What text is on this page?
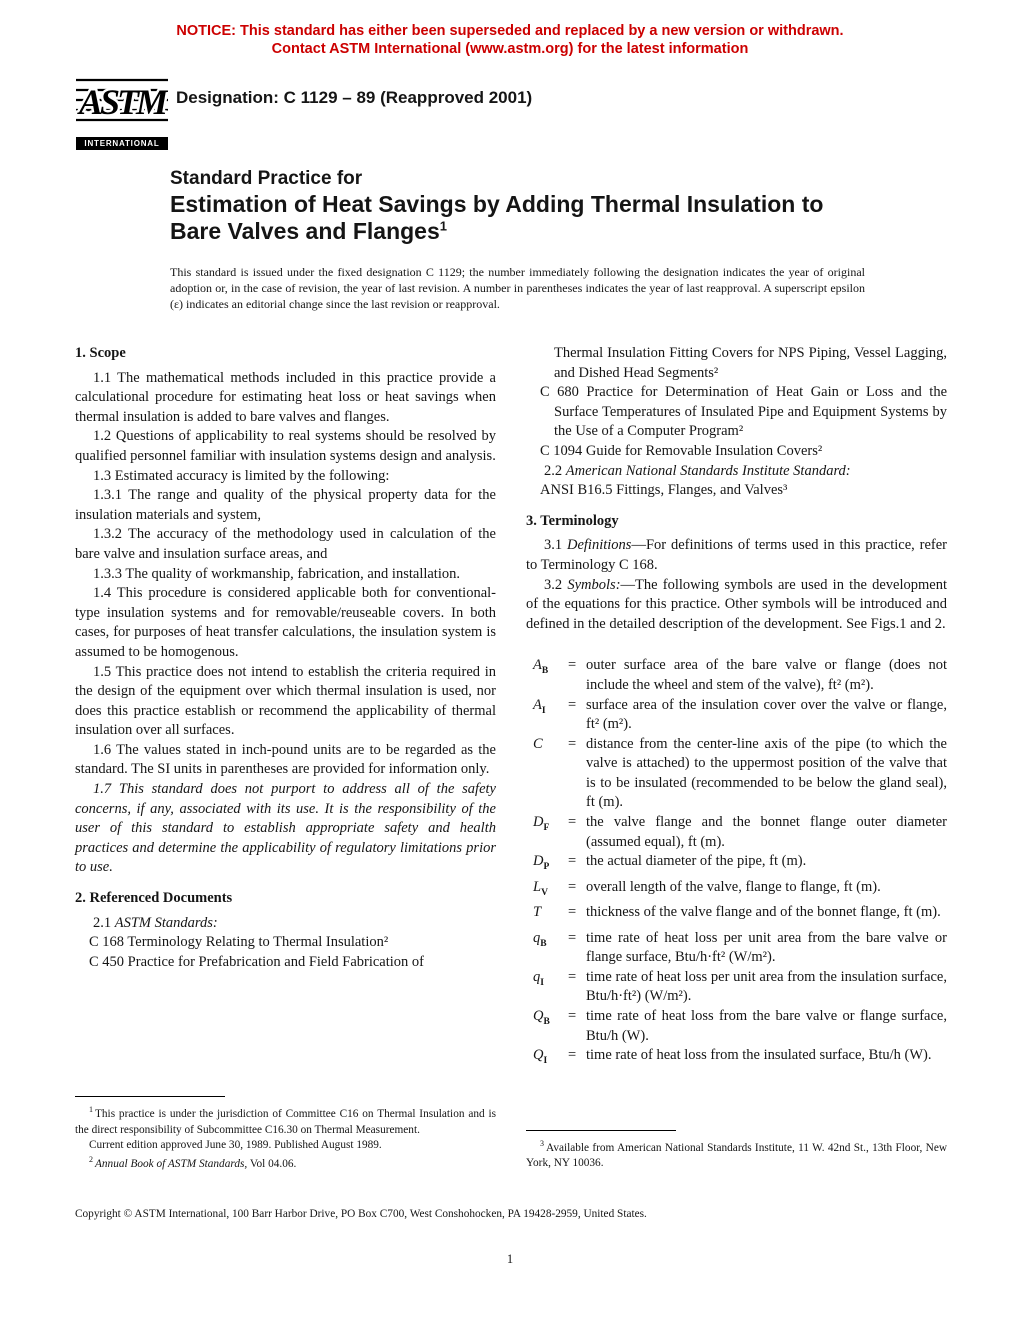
NOTICE: This standard has either been superseded and replaced by a new version or withdrawn.
Contact ASTM International (www.astm.org) for the latest information
ASTM
INTERNATIONAL
Designation: C 1129 – 89 (Reapproved 2001)
Standard Practice for
Estimation of Heat Savings by Adding Thermal Insulation to Bare Valves and Flanges$^1$
This standard is issued under the fixed designation C 1129; the number immediately following the designation indicates the year of original adoption or, in the case of revision, the year of last revision. A number in parentheses indicates the year of last reapproval. A superscript epsilon (ε) indicates an editorial change since the last revision or reapproval.

1. Scope

1.1 The mathematical methods included in this practice provide a calculational procedure for estimating heat loss or heat savings when thermal insulation is added to bare valves and flanges.

1.2 Questions of applicability to real systems should be resolved by qualified personnel familiar with insulation systems design and analysis.

1.3 Estimated accuracy is limited by the following:

1.3.1 The range and quality of the physical property data for the insulation materials and system,

1.3.2 The accuracy of the methodology used in calculation of the bare valve and insulation surface areas, and

1.3.3 The quality of workmanship, fabrication, and installation.

1.4 This procedure is considered applicable both for conventional-type insulation systems and for removable/reuseable covers. In both cases, for purposes of heat transfer calculations, the insulation system is assumed to be homogenous.

1.5 This practice does not intend to establish the criteria required in the design of the equipment over which thermal insulation is used, nor does this practice establish or recommend the applicability of thermal insulation over all surfaces.

1.6 The values stated in inch-pound units are to be regarded as the standard. The SI units in parentheses are provided for information only.

1.7 This standard does not purport to address all of the safety concerns, if any, associated with its use. It is the responsibility of the user of this standard to establish appropriate safety and health practices and determine the applicability of regulatory limitations prior to use.

2. Referenced Documents

2.1 ASTM Standards:

C 168 Terminology Relating to Thermal Insulation²

C 450 Practice for Prefabrication and Field Fabrication of

$^1$ This practice is under the jurisdiction of Committee C16 on Thermal Insulation and is the direct responsibility of Subcommittee C16.30 on Thermal Measurement.

Current edition approved June 30, 1989. Published August 1989.

$^2$ Annual Book of ASTM Standards, Vol 04.06.

Thermal Insulation Fitting Covers for NPS Piping, Vessel Lagging, and Dished Head Segments²

C 680 Practice for Determination of Heat Gain or Loss and the Surface Temperatures of Insulated Pipe and Equipment Systems by the Use of a Computer Program²

C 1094 Guide for Removable Insulation Covers²

2.2 American National Standards Institute Standard:

ANSI B16.5 Fittings, Flanges, and Valves³

3. Terminology

3.1 Definitions—For definitions of terms used in this practice, refer to Terminology C 168.

3.2 Symbols:—The following symbols are used in the development of the equations for this practice. Other symbols will be introduced and defined in the detailed description of the development. See Figs.1 and 2.

$A_B$	= outer surface area of the bare valve or flange (does not include the wheel and stem of the valve), ft² (m²).
$A_I$	= surface area of the insulation cover over the valve or flange, ft² (m²).
C	= distance from the center-line axis of the pipe (to which the valve is attached) to the uppermost position of the valve that is to be insulated (recommended to be below the gland seal), ft (m).
$D_F$	= the valve flange and the bonnet flange outer diameter (assumed equal), ft (m).
$D_P$	= the actual diameter of the pipe, ft (m).
$L_V$	= overall length of the valve, flange to flange, ft (m).
T	= thickness of the valve flange and of the bonnet flange, ft (m).
$q_B$	= time rate of heat loss per unit area from the bare valve or flange surface, Btu/h·ft² (W/m²).
$q_I$	= time rate of heat loss per unit area from the insulation surface, Btu/h·ft²) (W/m²).
$Q_B$	= time rate of heat loss from the bare valve or flange surface, Btu/h (W).
$Q_I$	= time rate of heat loss from the insulated surface, Btu/h (W).

$^3$ Available from American National Standards Institute, 11 W. 42nd St., 13th Floor, New York, NY 10036.

Copyright © ASTM International, 100 Barr Harbor Drive, PO Box C700, West Conshohocken, PA 19428-2959, United States.
1
